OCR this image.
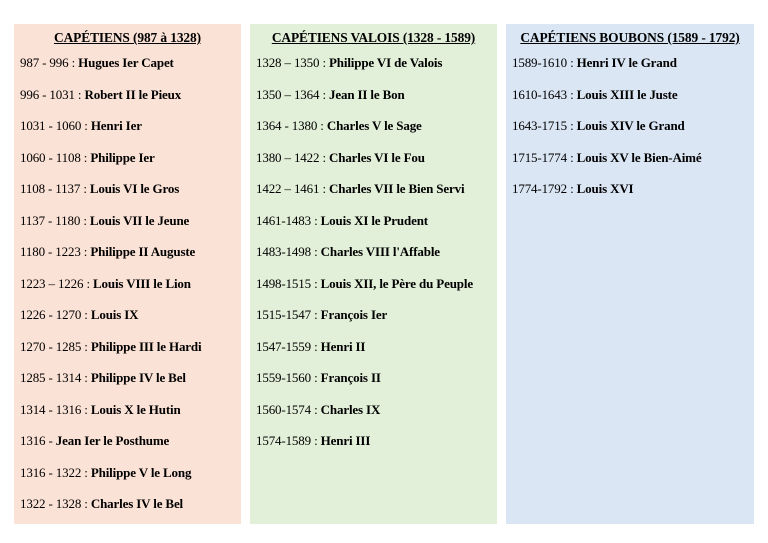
CAPÉTIENS (987 à 1328)
987 - 996 : Hugues Ier Capet
996 - 1031 : Robert II le Pieux
1031 - 1060 : Henri Ier
1060 - 1108 : Philippe Ier
1108 - 1137 : Louis VI le Gros
1137 - 1180 : Louis VII le Jeune
1180 - 1223 : Philippe II Auguste
1223 – 1226 : Louis VIII le Lion
1226 - 1270 : Louis IX
1270 - 1285 : Philippe III le Hardi
1285 - 1314 : Philippe IV le Bel
1314 - 1316 : Louis X le Hutin
1316 - Jean Ier le Posthume
1316 - 1322 : Philippe V le Long
1322 - 1328 : Charles IV le Bel
CAPÉTIENS VALOIS (1328 - 1589)
1328 – 1350 : Philippe VI de Valois
1350 – 1364 : Jean II le Bon
1364 - 1380 : Charles V le Sage
1380 – 1422 : Charles VI le Fou
1422 – 1461 : Charles VII le Bien Servi
1461-1483 : Louis XI le Prudent
1483-1498 : Charles VIII l'Affable
1498-1515 : Louis XII, le Père du Peuple
1515-1547 : François Ier
1547-1559 : Henri II
1559-1560 : François II
1560-1574 : Charles IX
1574-1589 : Henri III
CAPÉTIENS BOUBONS (1589 - 1792)
1589-1610 : Henri IV le Grand
1610-1643 : Louis XIII le Juste
1643-1715 : Louis XIV le Grand
1715-1774 : Louis XV le Bien-Aimé
1774-1792 : Louis XVI
